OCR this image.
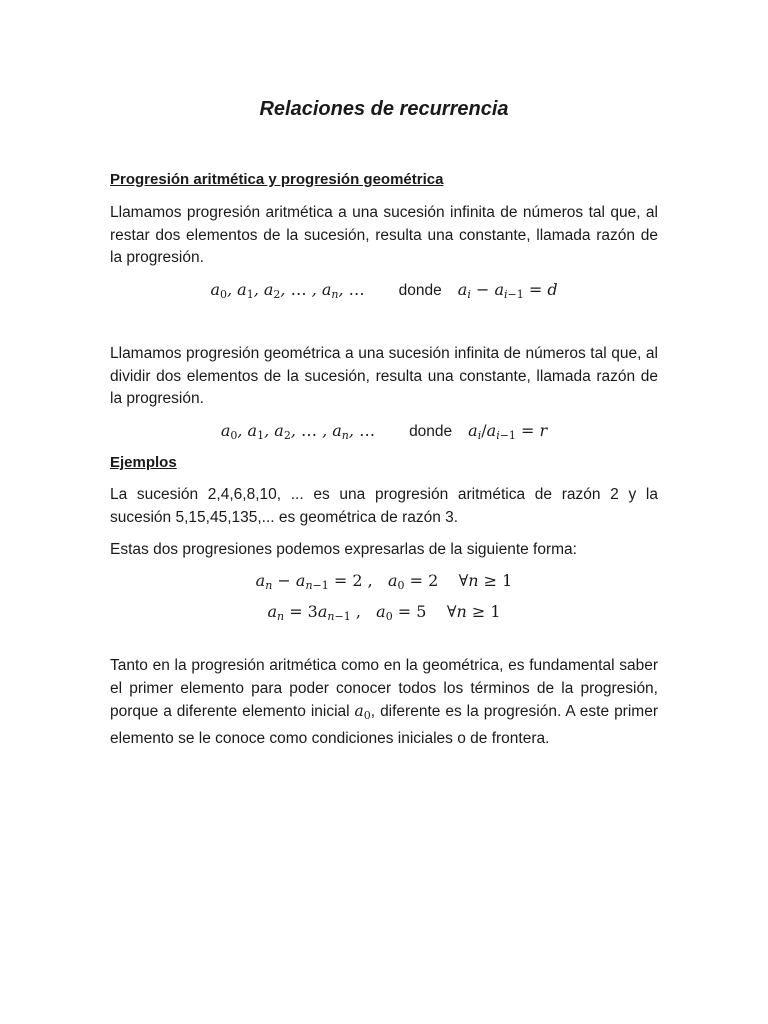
Relaciones de recurrencia

Progresión aritmética y progresión geométrica

Llamamos progresión aritmética a una sucesión infinita de números tal que, al restar dos elementos de la sucesión, resulta una constante, llamada razón de la progresión.

$a_0$, $a_1$, $a_2$, … , $a_n$, … donde $a_i - a_{i-1} = d$

Llamamos progresión geométrica a una sucesión infinita de números tal que, al dividir dos elementos de la sucesión, resulta una constante, llamada razón de la progresión.

$a_0$, $a_1$, $a_2$, … , $a_n$, … donde $a_i/a_{i-1} = r$

Ejemplos

La sucesión 2,4,6,8,10, ... es una progresión aritmética de razón 2 y la sucesión 5,15,45,135,... es geométrica de razón 3.

Estas dos progresiones podemos expresarlas de la siguiente forma:

$a_n - a_{n-1} = 2$ ,   $a_0 = 2$ ∀n ≥ 1
$a_n = 3a_{n-1}$ ,   $a_0 = 5$ ∀n ≥ 1

Tanto en la progresión aritmética como en la geométrica, es fundamental saber el primer elemento para poder conocer todos los términos de la progresión, porque a diferente elemento inicial $a_0$, diferente es la progresión. A este primer elemento se le conoce como condiciones iniciales o de frontera.
